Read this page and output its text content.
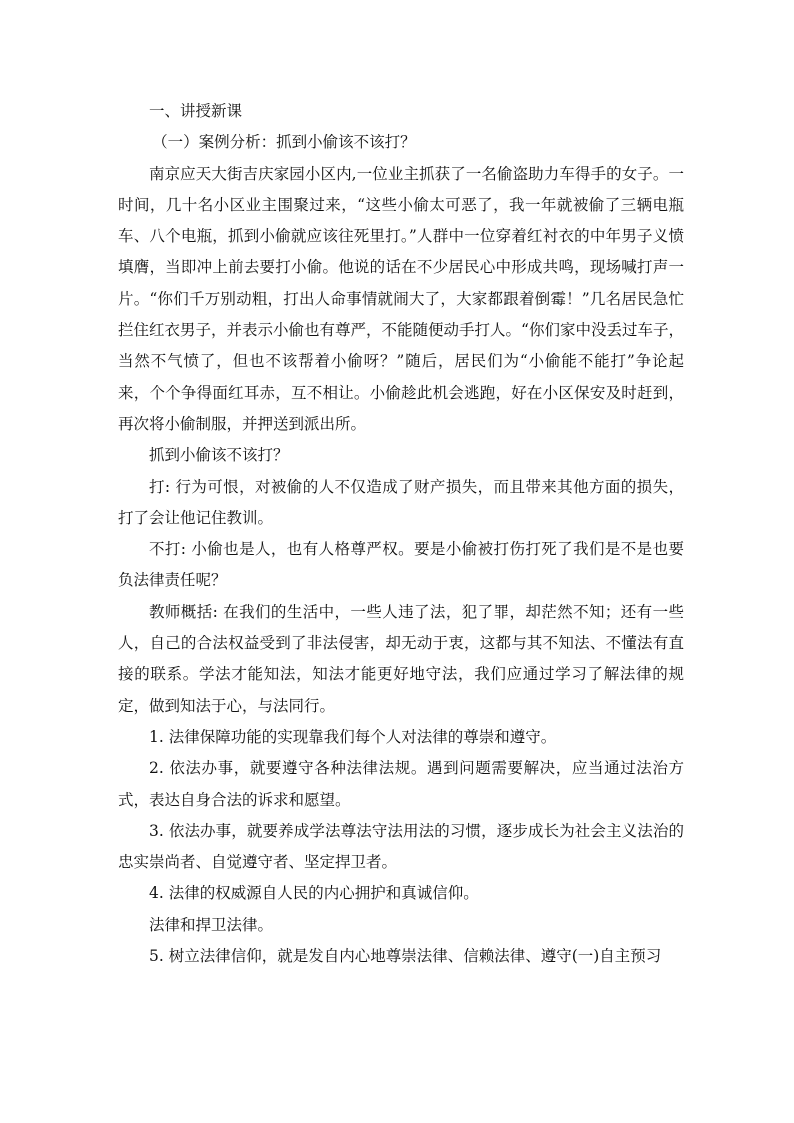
一、讲授新课

（一）案例分析：抓到小偷该不该打？

南京应天大街吉庆家园小区内,一位业主抓获了一名偷盗助力车得手的女子。一时间，几十名小区业主围聚过来，“这些小偷太可恶了，我一年就被偷了三辆电瓶车、八个电瓶，抓到小偷就应该往死里打。”人群中一位穿着红衬衣的中年男子义愤填膺，当即冲上前去要打小偷。他说的话在不少居民心中形成共鸣，现场喊打声一片。“你们千万别动粗，打出人命事情就闹大了，大家都跟着倒霉！”几名居民急忙拦住红衣男子，并表示小偷也有尊严，不能随便动手打人。“你们家中没丢过车子，当然不气愤了，但也不该帮着小偷呀？”随后，居民们为“小偷能不能打”争论起来，个个争得面红耳赤，互不相让。小偷趁此机会逃跑，好在小区保安及时赶到，再次将小偷制服，并押送到派出所。

抓到小偷该不该打？

打: 行为可恨，对被偷的人不仅造成了财产损失，而且带来其他方面的损失，打了会让他记住教训。

不打: 小偷也是人，也有人格尊严权。要是小偷被打伤打死了我们是不是也要负法律责任呢？

教师概括: 在我们的生活中，一些人违了法，犯了罪，却茫然不知；还有一些人，自己的合法权益受到了非法侵害，却无动于衷，这都与其不知法、不懂法有直接的联系。学法才能知法，知法才能更好地守法，我们应通过学习了解法律的规定，做到知法于心，与法同行。

1. 法律保障功能的实现靠我们每个人对法律的尊崇和遵守。

2. 依法办事，就要遵守各种法律法规。遇到问题需要解决，应当通过法治方式，表达自身合法的诉求和愿望。

3. 依法办事，就要养成学法尊法守法用法的习惯，逐步成长为社会主义法治的忠实崇尚者、自觉遵守者、坚定捍卫者。

4. 法律的权威源自人民的内心拥护和真诚信仰。

法律和捍卫法律。

5. 树立法律信仰，就是发自内心地尊崇法律、信赖法律、遵守(一)自主预习
